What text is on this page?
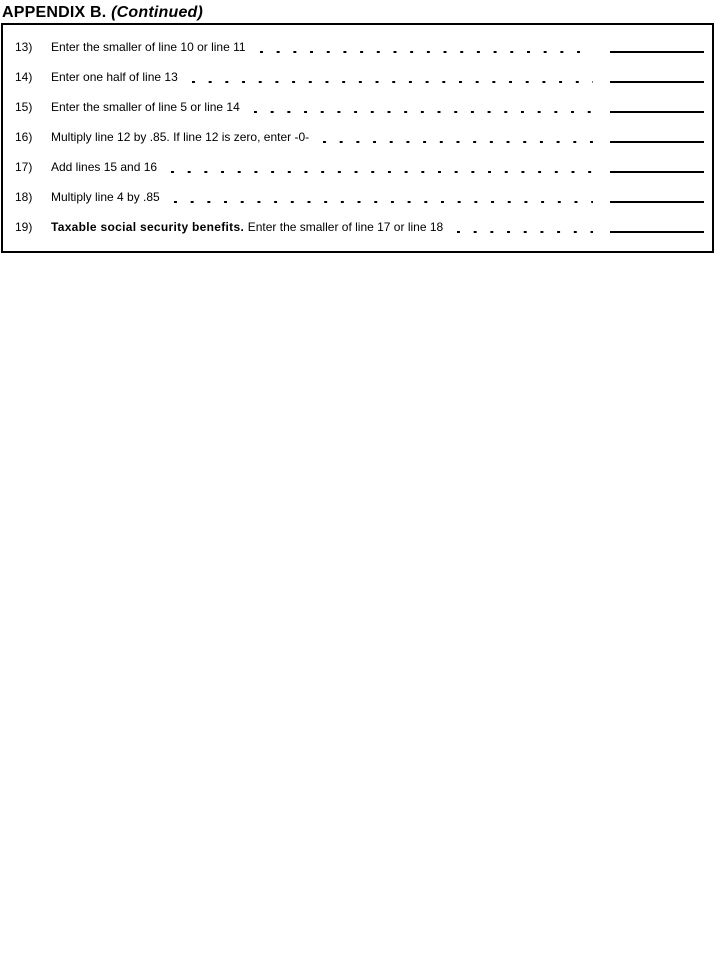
APPENDIX B. (Continued)
13)	Enter the smaller of line 10 or line 11
14)	Enter one half of line 13
15)	Enter the smaller of line 5 or line 14
16)	Multiply line 12 by .85. If line 12 is zero, enter -0-
17)	Add lines 15 and 16
18)	Multiply line 4 by .85
19)	Taxable social security benefits. Enter the smaller of line 17 or line 18
